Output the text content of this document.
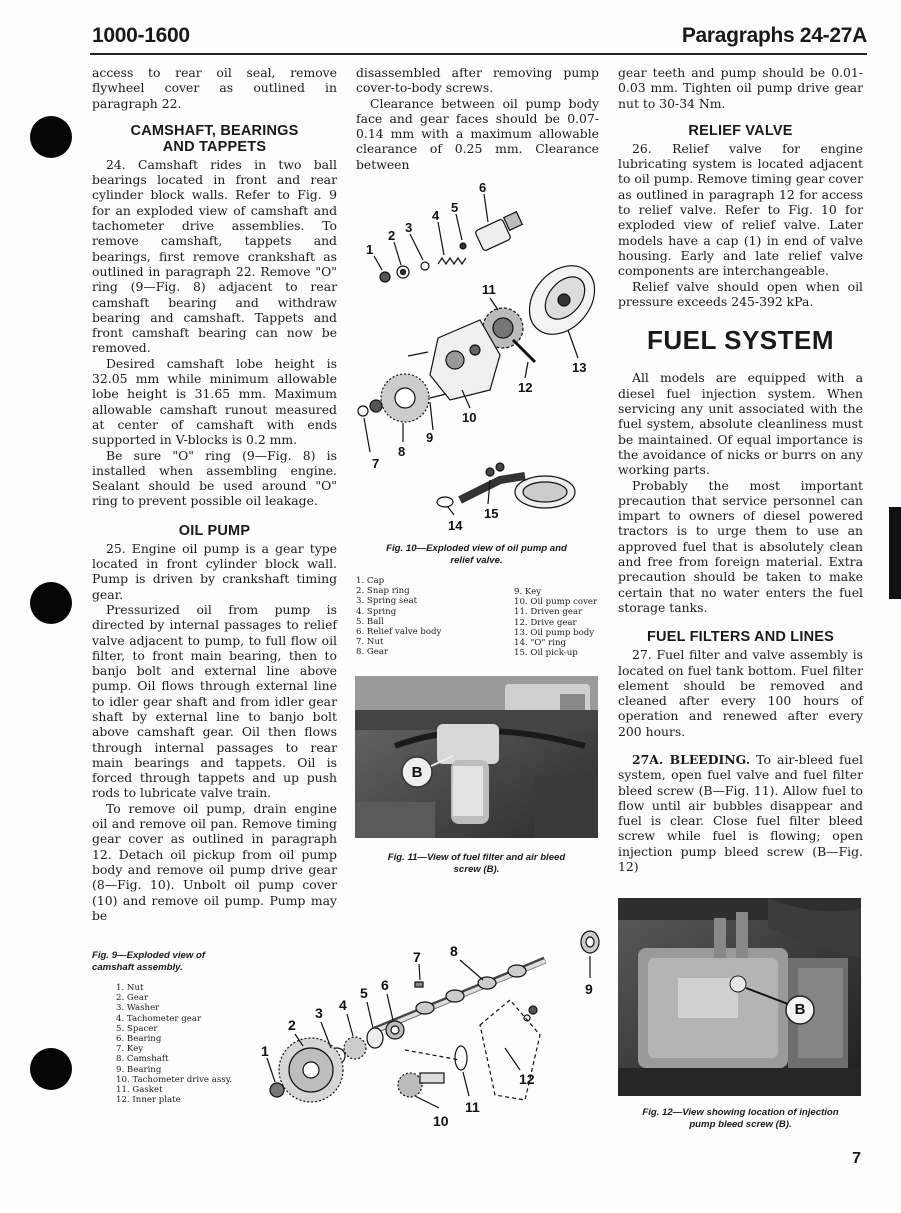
1000-1600	Paragraphs 24-27A

access to rear oil seal, remove flywheel cover as outlined in paragraph 22.

CAMSHAFT, BEARINGS
AND TAPPETS

24. Camshaft rides in two ball bearings located in front and rear cylinder block walls. Refer to Fig. 9 for an exploded view of camshaft and tachometer drive assemblies. To remove camshaft, tappets and bearings, first remove crankshaft as outlined in paragraph 22. Remove "O" ring (9—Fig. 8) adjacent to rear camshaft bearing and withdraw bearing and camshaft. Tappets and front camshaft bearing can now be removed.

Desired camshaft lobe height is 32.05 mm while minimum allowable lobe height is 31.65 mm. Maximum allowable camshaft runout measured at center of camshaft with ends supported in V-blocks is 0.2 mm.

Be sure "O" ring (9—Fig. 8) is installed when assembling engine. Sealant should be used around "O" ring to prevent possible oil leakage.

OIL PUMP

25. Engine oil pump is a gear type located in front cylinder block wall. Pump is driven by crankshaft timing gear.

Pressurized oil from pump is directed by internal passages to relief valve adjacent to pump, to full flow oil filter, to front main bearing, then to banjo bolt and external line above pump. Oil flows through external line to idler gear shaft and from idler gear shaft by external line to banjo bolt above camshaft gear. Oil then flows through internal passages to rear main bearings and tappets. Oil is forced through tappets and up push rods to lubricate valve train.

To remove oil pump, drain engine oil and remove oil pan. Remove timing gear cover as outlined in paragraph 12. Detach oil pickup from oil pump body and remove oil pump drive gear (8—Fig. 10). Unbolt oil pump cover (10) and remove oil pump. Pump may be

disassembled after removing pump cover-to-body screws.

Clearance between oil pump body face and gear faces should be 0.07-0.14 mm with a maximum allowable clearance of 0.25 mm. Clearance between

1
2
3
4
5
6
7
8
9
10
11
12
13
14
15
Fig. 10—Exploded view of oil pump and
relief valve.
1. Cap
2. Snap ring
3. Spring seat
4. Spring
5. Ball
6. Relief valve body
7. Nut
8. Gear
9. Key
10. Oil pump cover
11. Driven gear
12. Drive gear
13. Oil pump body
14. "O" ring
15. Oil pick-up
B
Fig. 11—View of fuel filter and air bleed
screw (B).

gear teeth and pump should be 0.01-0.03 mm. Tighten oil pump drive gear nut to 30-34 Nm.

RELIEF VALVE

26. Relief valve for engine lubricating system is located adjacent to oil pump. Remove timing gear cover as outlined in paragraph 12 for access to relief valve. Refer to Fig. 10 for exploded view of relief valve. Later models have a cap (1) in end of valve housing. Early and late relief valve components are interchangeable.

Relief valve should open when oil pressure exceeds 245-392 kPa.

FUEL SYSTEM

All models are equipped with a diesel fuel injection system. When servicing any unit associated with the fuel system, absolute cleanliness must be maintained. Of equal importance is the avoidance of nicks or burrs on any working parts.

Probably the most important precaution that service personnel can impart to owners of diesel powered tractors is to urge them to use an approved fuel that is absolutely clean and free from foreign material. Extra precaution should be taken to make certain that no water enters the fuel storage tanks.

FUEL FILTERS AND LINES

27. Fuel filter and valve assembly is located on fuel tank bottom. Fuel filter element should be removed and cleaned after every 100 hours of operation and renewed after every 200 hours.

27A. BLEEDING. To air-bleed fuel system, open fuel valve and fuel filter bleed screw (B—Fig. 11). Allow fuel to flow until air bubbles disappear and fuel is clear. Close fuel filter bleed screw while fuel is flowing; open injection pump bleed screw (B—Fig. 12)

Fig. 9—Exploded view of
camshaft assembly.
1. Nut
2. Gear
3. Washer
4. Tachometer gear
5. Spacer
6. Bearing
7. Key
8. Camshaft
9. Bearing
10. Tachometer drive assy.
11. Gasket
12. Inner plate
1
2
3 4
5 6
7 8
9
10
11
12
B
Fig. 12—View showing location of injection
pump bleed screw (B).
7
